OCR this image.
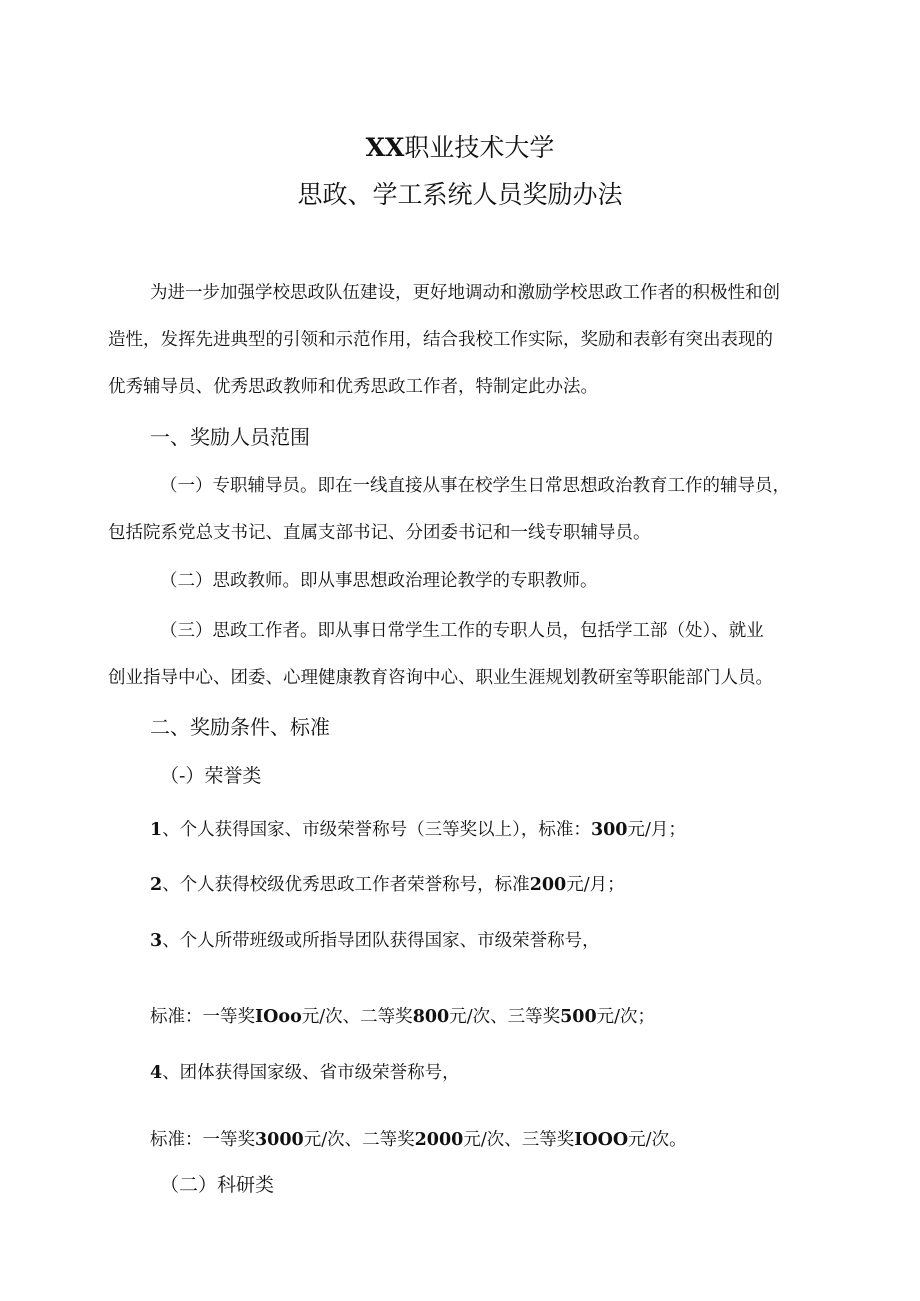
XX职业技术大学
思政、学工系统人员奖励办法
为进一步加强学校思政队伍建设，更好地调动和激励学校思政工作者的积极性和创
造性，发挥先进典型的引领和示范作用，结合我校工作实际，奖励和表彰有突出表现的
优秀辅导员、优秀思政教师和优秀思政工作者，特制定此办法。
一、奖励人员范围
（一）专职辅导员。即在一线直接从事在校学生日常思想政治教育工作的辅导员，
包括院系党总支书记、直属支部书记、分团委书记和一线专职辅导员。
（二）思政教师。即从事思想政治理论教学的专职教师。
（三）思政工作者。即从事日常学生工作的专职人员，包括学工部（处）、就业
创业指导中心、团委、心理健康教育咨询中心、职业生涯规划教研室等职能部门人员。
二、奖励条件、标准
（-）荣誉类
1、个人获得国家、市级荣誉称号（三等奖以上），标准：300元/月；
2、个人获得校级优秀思政工作者荣誉称号，标准200元/月；
3、个人所带班级或所指导团队获得国家、市级荣誉称号，
标准：一等奖IOoo元/次、二等奖800元/次、三等奖500元/次；
4、团体获得国家级、省市级荣誉称号，
标准：一等奖3000元/次、二等奖2000元/次、三等奖IOOO元/次。
（二）科研类
